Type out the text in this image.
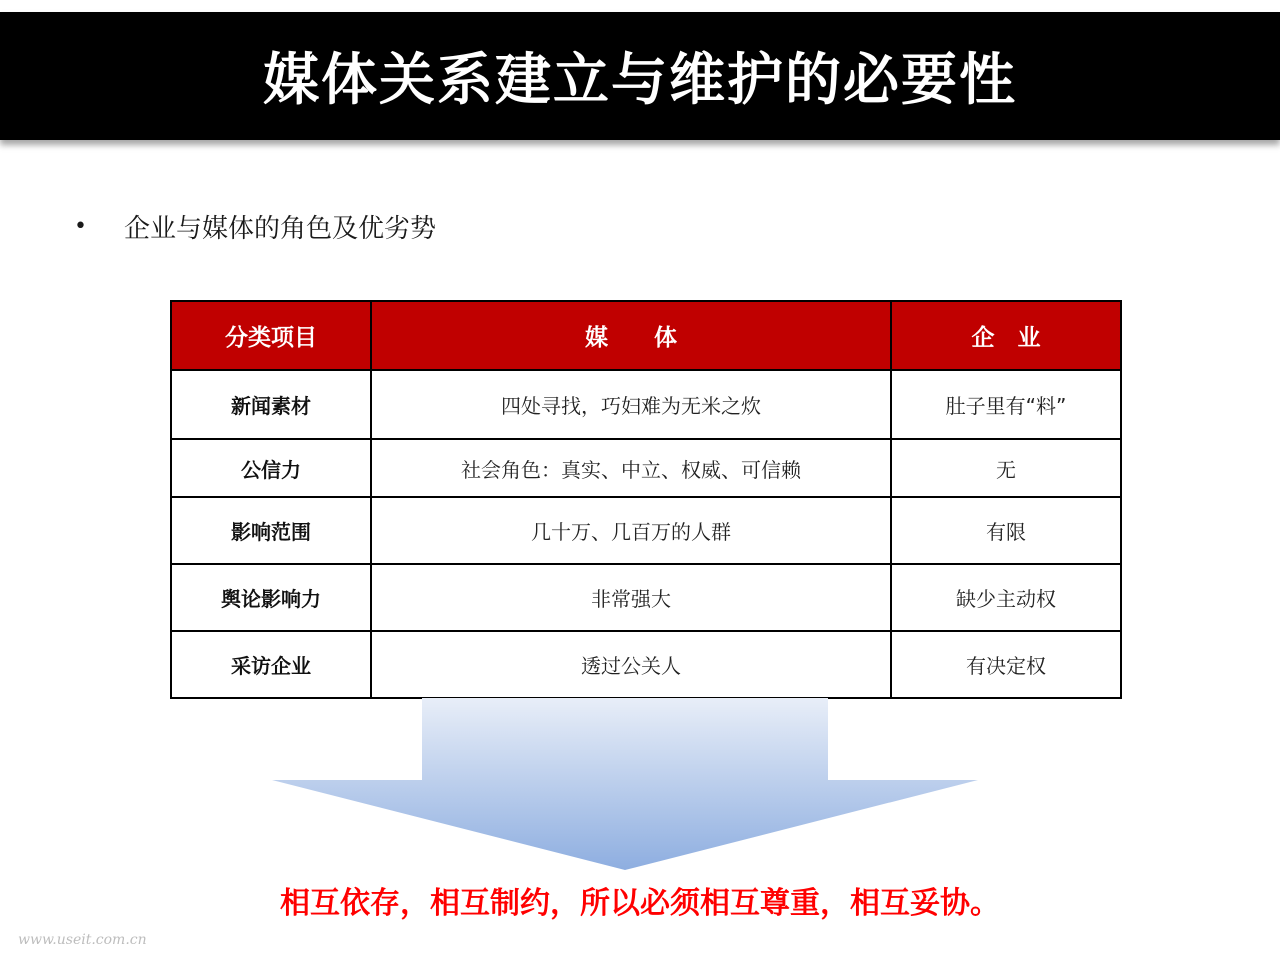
媒体关系建立与维护的必要性
•	企业与媒体的角色及优劣势
分类项目	媒　　体	企　业
新闻素材	四处寻找，巧妇难为无米之炊	肚子里有“料”
公信力	社会角色：真实、中立、权威、可信赖	无
影响范围	几十万、几百万的人群	有限
舆论影响力	非常强大	缺少主动权
采访企业	透过公关人	有决定权
相互依存，相互制约，所以必须相互尊重，相互妥协。
www.useit.com.cn
